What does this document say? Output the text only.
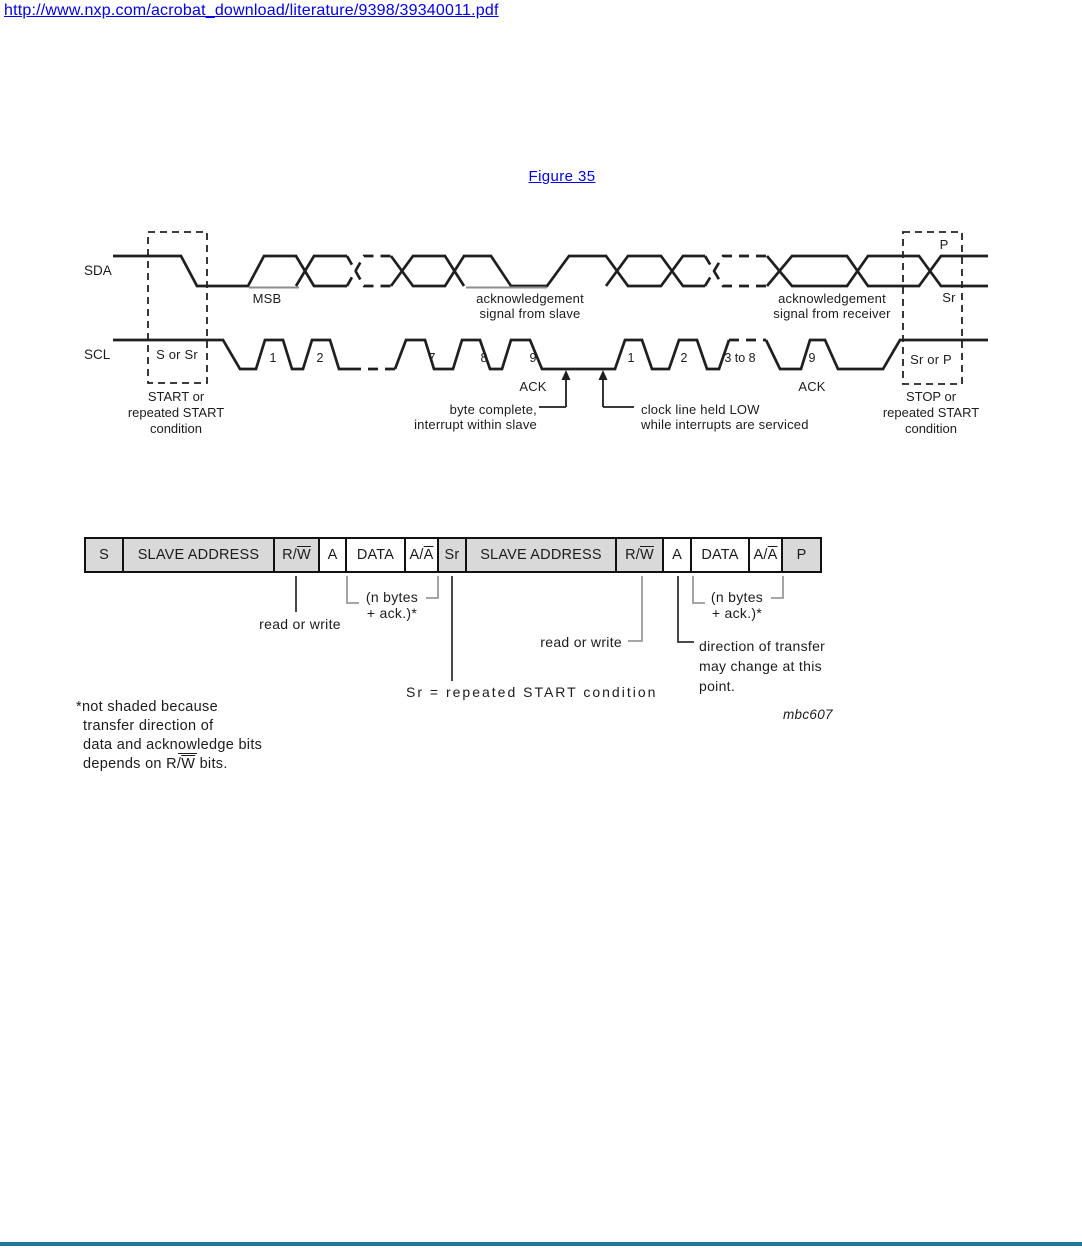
http://www.nxp.com/acrobat_download/literature/9398/39340011.pdf
Figure 35
SDA
SCL
MSB	acknowledgement
signal from slave
acknowledgement
signal from receiver
S or Sr	Sr or P
P
Sr
START or
repeated START
condition
STOP or
repeated START
condition
byte complete,
interrupt within slave
clock line held LOW
while interrupts are serviced
1	2	7	8	9
ACK
1	2	3 to 8	9
ACK
S	SLAVE ADDRESS	$R/\overline{W}$	A	DATA	$A/\overline{A}$	Sr	SLAVE ADDRESS	$R/\overline{W}$	A	DATA	$A/\overline{A}$	P
read or write
(n bytes
+ ack.)*
Sr = repeated START condition
read or write
(n bytes
+ ack.)*
direction of transfer
may change at this
point.
mbc607
*not shaded because
transfer direction of
data and acknowledge bits
depends on $R/\overline{W}$ bits.
